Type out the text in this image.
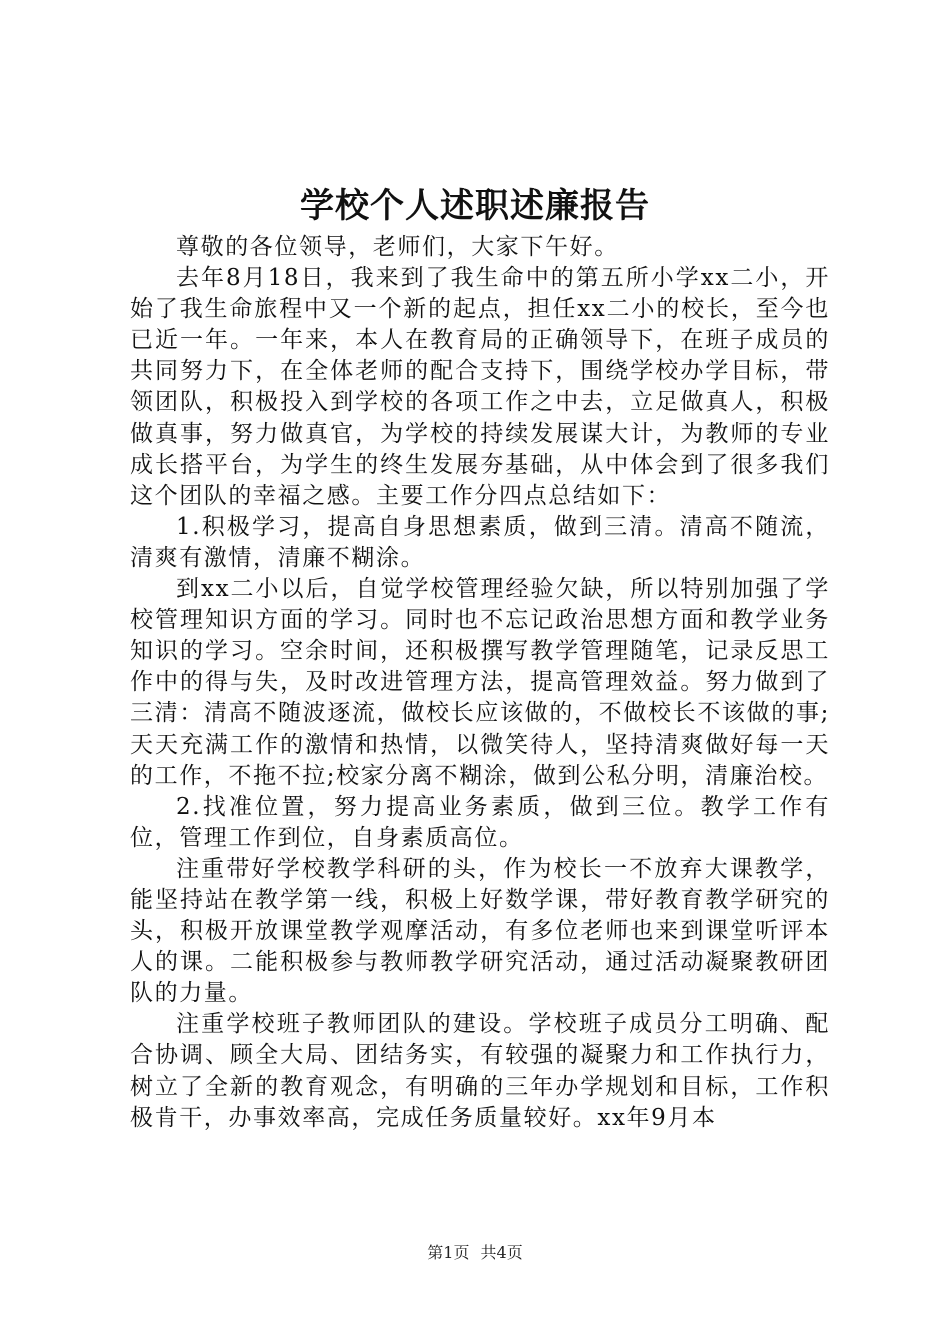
学校个人述职述廉报告

尊敬的各位领导，老师们，大家下午好。

去年8月18日，我来到了我生命中的第五所小学xx二小，开始了我生命旅程中又一个新的起点，担任xx二小的校长，至今也已近一年。一年来，本人在教育局的正确领导下，在班子成员的共同努力下，在全体老师的配合支持下，围绕学校办学目标，带领团队，积极投入到学校的各项工作之中去，立足做真人，积极做真事，努力做真官，为学校的持续发展谋大计，为教师的专业成长搭平台，为学生的终生发展夯基础，从中体会到了很多我们这个团队的幸福之感。主要工作分四点总结如下：

1.积极学习，提高自身思想素质，做到三清。清高不随流，清爽有激情，清廉不糊涂。

到xx二小以后，自觉学校管理经验欠缺，所以特别加强了学校管理知识方面的学习。同时也不忘记政治思想方面和教学业务知识的学习。空余时间，还积极撰写教学管理随笔，记录反思工作中的得与失，及时改进管理方法，提高管理效益。努力做到了三清：清高不随波逐流，做校长应该做的，不做校长不该做的事;天天充满工作的激情和热情，以微笑待人，坚持清爽做好每一天的工作，不拖不拉;校家分离不糊涂，做到公私分明，清廉治校。

2.找准位置，努力提高业务素质，做到三位。教学工作有位，管理工作到位，自身素质高位。

注重带好学校教学科研的头，作为校长一不放弃大课教学，能坚持站在教学第一线，积极上好数学课，带好教育教学研究的头，积极开放课堂教学观摩活动，有多位老师也来到课堂听评本人的课。二能积极参与教师教学研究活动，通过活动凝聚教研团队的力量。

注重学校班子教师团队的建设。学校班子成员分工明确、配合协调、顾全大局、团结务实，有较强的凝聚力和工作执行力，树立了全新的教育观念，有明确的三年办学规划和目标，工作积极肯干，办事效率高，完成任务质量较好。xx年9月本

第1页 共4页
